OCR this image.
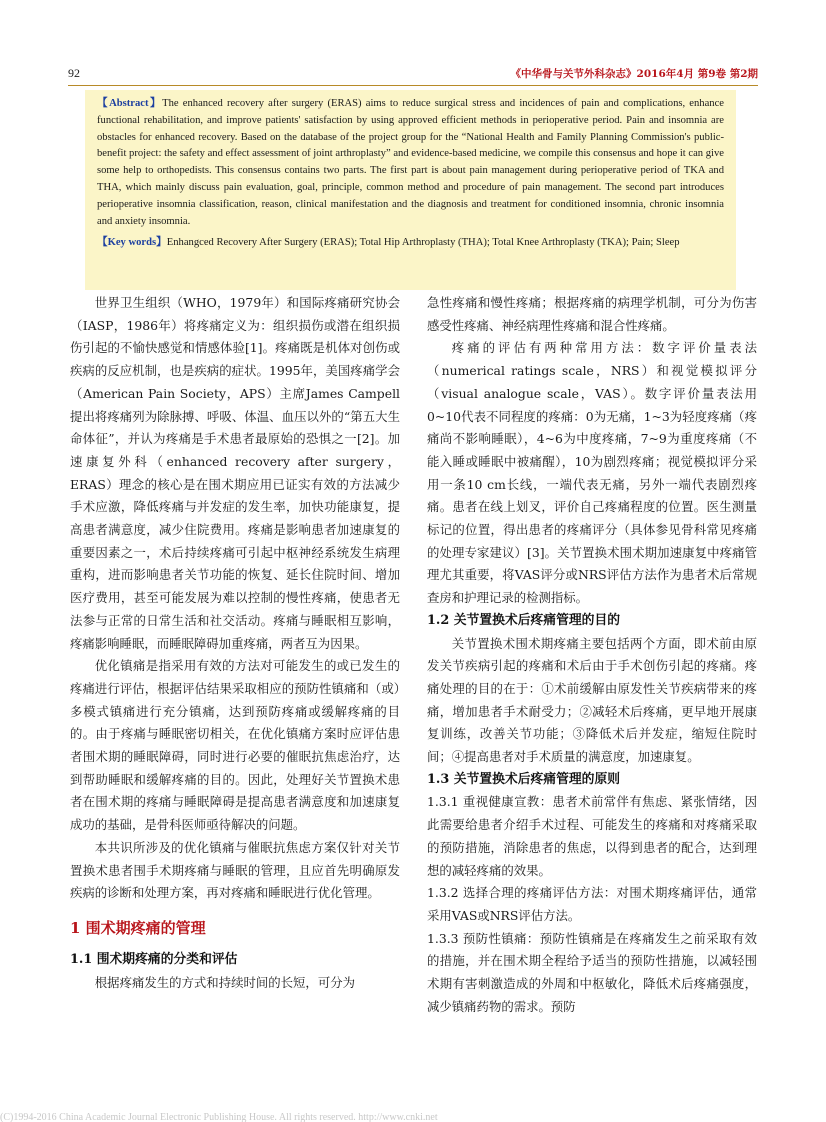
92	《中华骨与关节外科杂志》2016年4月 第9卷 第2期

【Abstract】The enhanced recovery after surgery (ERAS) aims to reduce surgical stress and incidences of pain and complications, enhance functional rehabilitation, and improve patients' satisfaction by using approved efficient methods in perioperative period. Pain and insomnia are obstacles for enhanced recovery. Based on the database of the project group for the “National Health and Family Planning Commission's public-benefit project: the safety and effect assessment of joint arthroplasty” and evidence-based medicine, we compile this consensus and hope it can give some help to orthopedists. This consensus contains two parts. The first part is about pain management during perioperative period of TKA and THA, which mainly discuss pain evaluation, goal, principle, common method and procedure of pain management. The second part introduces perioperative insomnia classification, reason, clinical manifestation and the diagnosis and treatment for conditioned insomnia, chronic insomnia and anxiety insomnia.

【Key words】Enhangced Recovery After Surgery (ERAS); Total Hip Arthroplasty (THA); Total Knee Arthroplasty (TKA); Pain; Sleep

世界卫生组织（WHO，1979年）和国际疼痛研究协会（IASP，1986年）将疼痛定义为：组织损伤或潜在组织损伤引起的不愉快感觉和情感体验[1]。疼痛既是机体对创伤或疾病的反应机制，也是疾病的症状。1995年，美国疼痛学会（American Pain Society，APS）主席James Campell提出将疼痛列为除脉搏、呼吸、体温、血压以外的“第五大生命体征”，并认为疼痛是手术患者最原始的恐惧之一[2]。加速康复外科（enhanced recovery after surgery，ERAS）理念的核心是在围术期应用已证实有效的方法减少手术应激，降低疼痛与并发症的发生率，加快功能康复，提高患者满意度，减少住院费用。疼痛是影响患者加速康复的重要因素之一，术后持续疼痛可引起中枢神经系统发生病理重构，进而影响患者关节功能的恢复、延长住院时间、增加医疗费用，甚至可能发展为难以控制的慢性疼痛，使患者无法参与正常的日常生活和社交活动。疼痛与睡眠相互影响，疼痛影响睡眠，而睡眠障碍加重疼痛，两者互为因果。

优化镇痛是指采用有效的方法对可能发生的或已发生的疼痛进行评估，根据评估结果采取相应的预防性镇痛和（或）多模式镇痛进行充分镇痛，达到预防疼痛或缓解疼痛的目的。由于疼痛与睡眠密切相关，在优化镇痛方案时应评估患者围术期的睡眠障碍，同时进行必要的催眠抗焦虑治疗，达到帮助睡眠和缓解疼痛的目的。因此，处理好关节置换术患者在围术期的疼痛与睡眠障碍是提高患者满意度和加速康复成功的基础，是骨科医师亟待解决的问题。

本共识所涉及的优化镇痛与催眠抗焦虑方案仅针对关节置换术患者围手术期疼痛与睡眠的管理，且应首先明确原发疾病的诊断和处理方案，再对疼痛和睡眠进行优化管理。

1 围术期疼痛的管理
1.1 围术期疼痛的分类和评估

根据疼痛发生的方式和持续时间的长短，可分为

急性疼痛和慢性疼痛；根据疼痛的病理学机制，可分为伤害感受性疼痛、神经病理性疼痛和混合性疼痛。

疼痛的评估有两种常用方法：数字评价量表法（numerical ratings scale，NRS）和视觉模拟评分（visual analogue scale，VAS）。数字评价量表法用0~10代表不同程度的疼痛：0为无痛，1~3为轻度疼痛（疼痛尚不影响睡眠），4~6为中度疼痛，7~9为重度疼痛（不能入睡或睡眠中被痛醒），10为剧烈疼痛；视觉模拟评分采用一条10 cm长线，一端代表无痛，另外一端代表剧烈疼痛。患者在线上划叉，评价自己疼痛程度的位置。医生测量标记的位置，得出患者的疼痛评分（具体参见骨科常见疼痛的处理专家建议）[3]。关节置换术围术期加速康复中疼痛管理尤其重要，将VAS评分或NRS评估方法作为患者术后常规查房和护理记录的检测指标。

1.2 关节置换术后疼痛管理的目的

关节置换术围术期疼痛主要包括两个方面，即术前由原发关节疾病引起的疼痛和术后由于手术创伤引起的疼痛。疼痛处理的目的在于：①术前缓解由原发性关节疾病带来的疼痛，增加患者手术耐受力；②减轻术后疼痛，更早地开展康复训练，改善关节功能；③降低术后并发症，缩短住院时间；④提高患者对手术质量的满意度，加速康复。

1.3 关节置换术后疼痛管理的原则

1.3.1 重视健康宣教：患者术前常伴有焦虑、紧张情绪，因此需要给患者介绍手术过程、可能发生的疼痛和对疼痛采取的预防措施，消除患者的焦虑，以得到患者的配合，达到理想的减轻疼痛的效果。

1.3.2 选择合理的疼痛评估方法：对围术期疼痛评估，通常采用VAS或NRS评估方法。

1.3.3 预防性镇痛：预防性镇痛是在疼痛发生之前采取有效的措施，并在围术期全程给予适当的预防性措施，以减轻围术期有害刺激造成的外周和中枢敏化，降低术后疼痛强度，减少镇痛药物的需求。预防

(C)1994-2016 China Academic Journal Electronic Publishing House. All rights reserved. http://www.cnki.net
